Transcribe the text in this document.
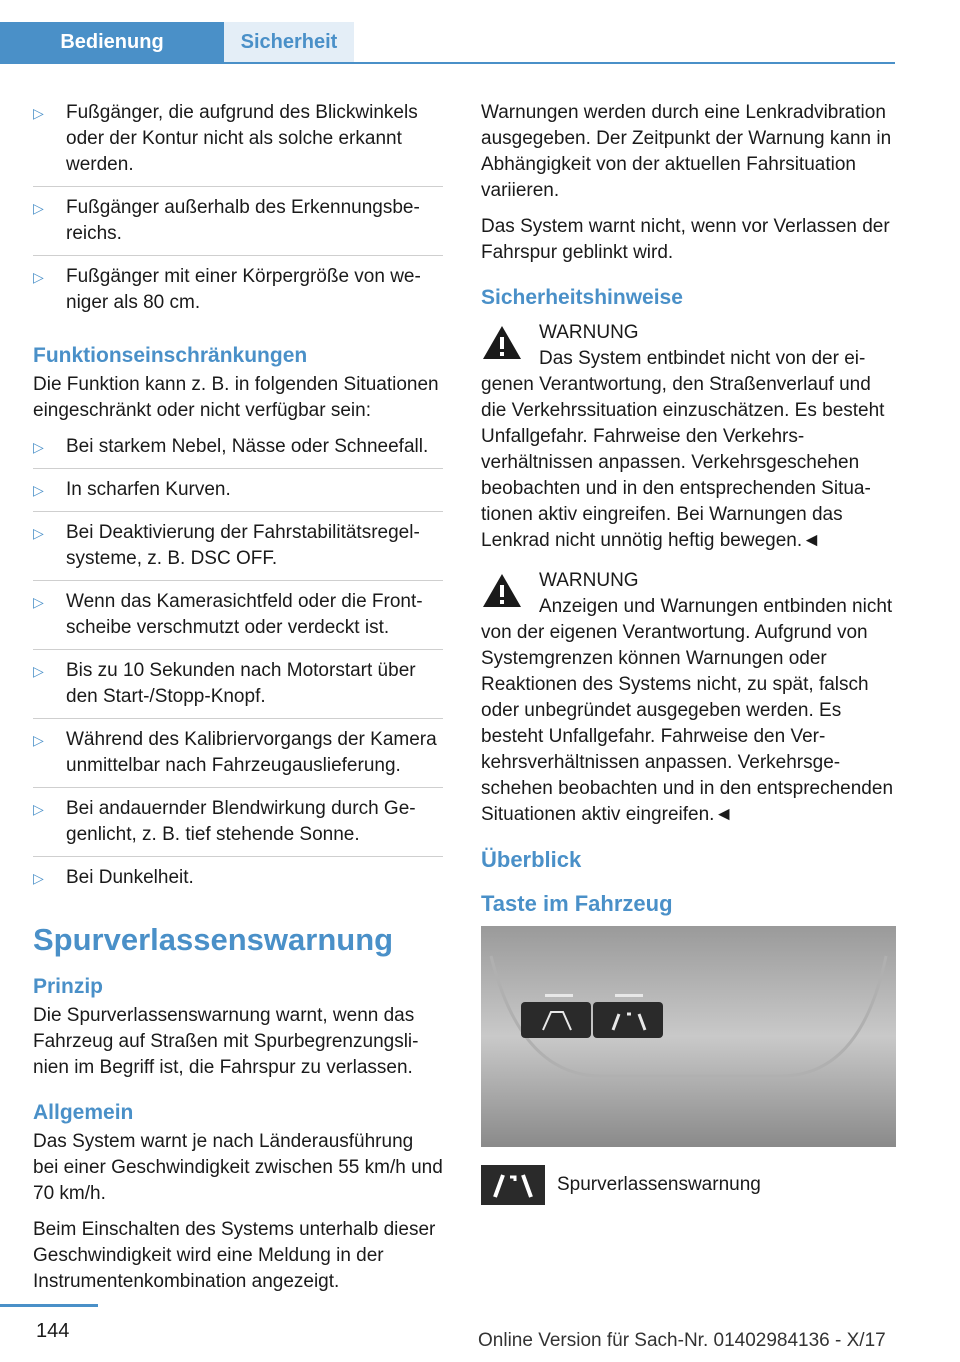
Bedienung	Sicherheit
▷ Fußgänger, die aufgrund des Blickwinkels oder der Kontur nicht als solche erkannt werden.
▷ Fußgänger außerhalb des Erkennungsbereichs.
▷ Fußgänger mit einer Körpergröße von weniger als 80 cm.
Funktionseinschränkungen

Die Funktion kann z. B. in folgenden Situationen eingeschränkt oder nicht verfügbar sein:

▷ Bei starkem Nebel, Nässe oder Schneefall.
▷ In scharfen Kurven.
▷ Bei Deaktivierung der Fahrstabilitätsregelsysteme, z. B. DSC OFF.
▷ Wenn das Kamerasichtfeld oder die Frontscheibe verschmutzt oder verdeckt ist.
▷ Bis zu 10 Sekunden nach Motorstart über den Start-/Stopp-Knopf.
▷ Während des Kalibriervorgangs der Kamera unmittelbar nach Fahrzeugauslieferung.
▷ Bei andauernder Blendwirkung durch Gegenlicht, z. B. tief stehende Sonne.
▷ Bei Dunkelheit.
Spurverlassenswarnung
Prinzip

Die Spurverlassenswarnung warnt, wenn das Fahrzeug auf Straßen mit Spurbegrenzungslinien im Begriff ist, die Fahrspur zu verlassen.

Allgemein

Das System warnt je nach Länderausführung bei einer Geschwindigkeit zwischen 55 km/h und 70 km/h.

Beim Einschalten des Systems unterhalb dieser Geschwindigkeit wird eine Meldung in der Instrumentenkombination angezeigt.

Warnungen werden durch eine Lenkradvibration ausgegeben. Der Zeitpunkt der Warnung kann in Abhängigkeit von der aktuellen Fahrsituation variieren.

Das System warnt nicht, wenn vor Verlassen der Fahrspur geblinkt wird.

Sicherheitshinweise

WARNUNG

Das System entbindet nicht von der eigenen Verantwortung, den Straßenverlauf und die Verkehrssituation einzuschätzen. Es besteht Unfallgefahr. Fahrweise den Verkehrsverhältnissen anpassen. Verkehrsgeschehen beobachten und in den entsprechenden Situationen aktiv eingreifen. Bei Warnungen das Lenkrad nicht unnötig heftig bewegen.◄

WARNUNG

Anzeigen und Warnungen entbinden nicht von der eigenen Verantwortung. Aufgrund von Systemgrenzen können Warnungen oder Reaktionen des Systems nicht, zu spät, falsch oder unbegründet ausgegeben werden. Es besteht Unfallgefahr. Fahrweise den Verkehrsverhältnissen anpassen. Verkehrsgeschehen beobachten und in den entsprechenden Situationen aktiv eingreifen.◄

Überblick
Taste im Fahrzeug
Spurverlassenswarnung
144	Online Version für Sach-Nr. 01402984136 - X/17
